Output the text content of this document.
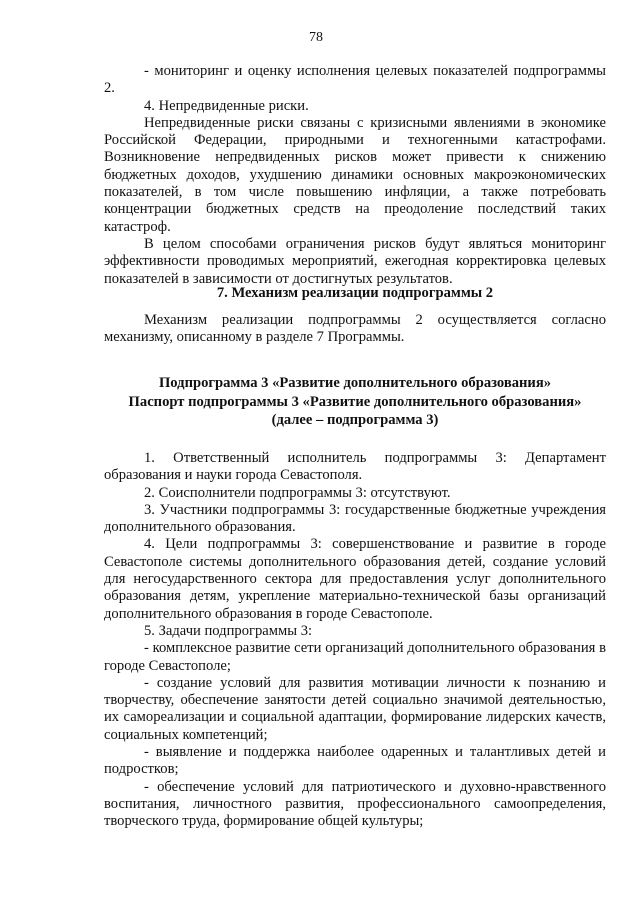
78

- мониторинг и оценку исполнения целевых показателей подпрограммы 2.

4. Непредвиденные риски.

Непредвиденные риски связаны с кризисными явлениями в экономике Российской Федерации, природными и техногенными катастрофами. Возникновение непредвиденных рисков может привести к снижению бюджетных доходов, ухудшению динамики основных макроэкономических показателей, в том числе повышению инфляции, а также потребовать концентрации бюджетных средств на преодоление последствий таких катастроф.

В целом способами ограничения рисков будут являться мониторинг эффективности проводимых мероприятий, ежегодная корректировка целевых показателей в зависимости от достигнутых результатов.

7. Механизм реализации подпрограммы 2

Механизм реализации подпрограммы 2 осуществляется согласно механизму, описанному в разделе 7 Программы.

Подпрограмма 3 «Развитие дополнительного образования»

Паспорт подпрограммы 3 «Развитие дополнительного образования»

(далее – подпрограмма 3)

1. Ответственный исполнитель подпрограммы 3: Департамент образования и науки города Севастополя.

2. Соисполнители подпрограммы 3: отсутствуют.

3. Участники подпрограммы 3: государственные бюджетные учреждения дополнительного образования.

4. Цели подпрограммы 3: совершенствование и развитие в городе Севастополе системы дополнительного образования детей, создание условий для негосударственного сектора для предоставления услуг дополнительного образования детям, укрепление материально-технической базы организаций дополнительного образования в городе Севастополе.

5. Задачи подпрограммы 3:

- комплексное развитие сети организаций дополнительного образования в городе Севастополе;

- создание условий для развития мотивации личности к познанию и творчеству, обеспечение занятости детей социально значимой деятельностью, их самореализации и социальной адаптации, формирование лидерских качеств, социальных компетенций;

- выявление и поддержка наиболее одаренных и талантливых детей и подростков;

- обеспечение условий для патриотического и духовно-нравственного воспитания, личностного развития, профессионального самоопределения, творческого труда, формирование общей культуры;
